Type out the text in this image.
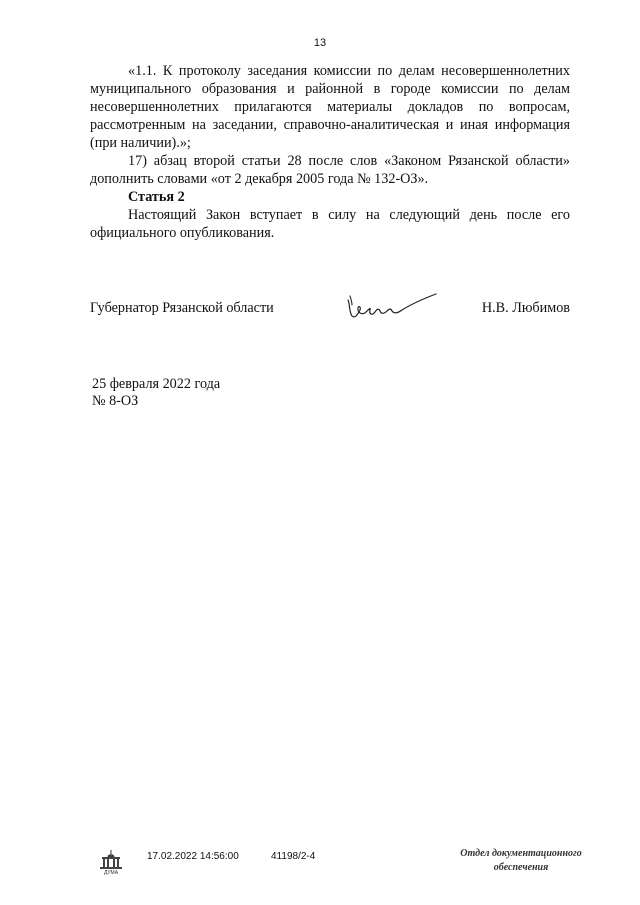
13

«1.1. К протоколу заседания комиссии по делам несовершеннолетних муниципального образования и районной в городе комиссии по делам несовершеннолетних прилагаются материалы докладов по вопросам, рассмотренным на заседании, справочно-аналитическая и иная информация (при наличии).»;

17) абзац второй статьи 28 после слов «Законом Рязанской области» дополнить словами «от 2 декабря 2005 года № 132-ОЗ».

Статья 2

Настоящий Закон вступает в силу на следующий день после его официального опубликования.

Губернатор Рязанской области	Н.В. Любимов
25 февраля 2022 года
№ 8-ОЗ
ДУМА
17.02.2022 14:56:00	41198/2-4	Отдел документационного
обеспечения
